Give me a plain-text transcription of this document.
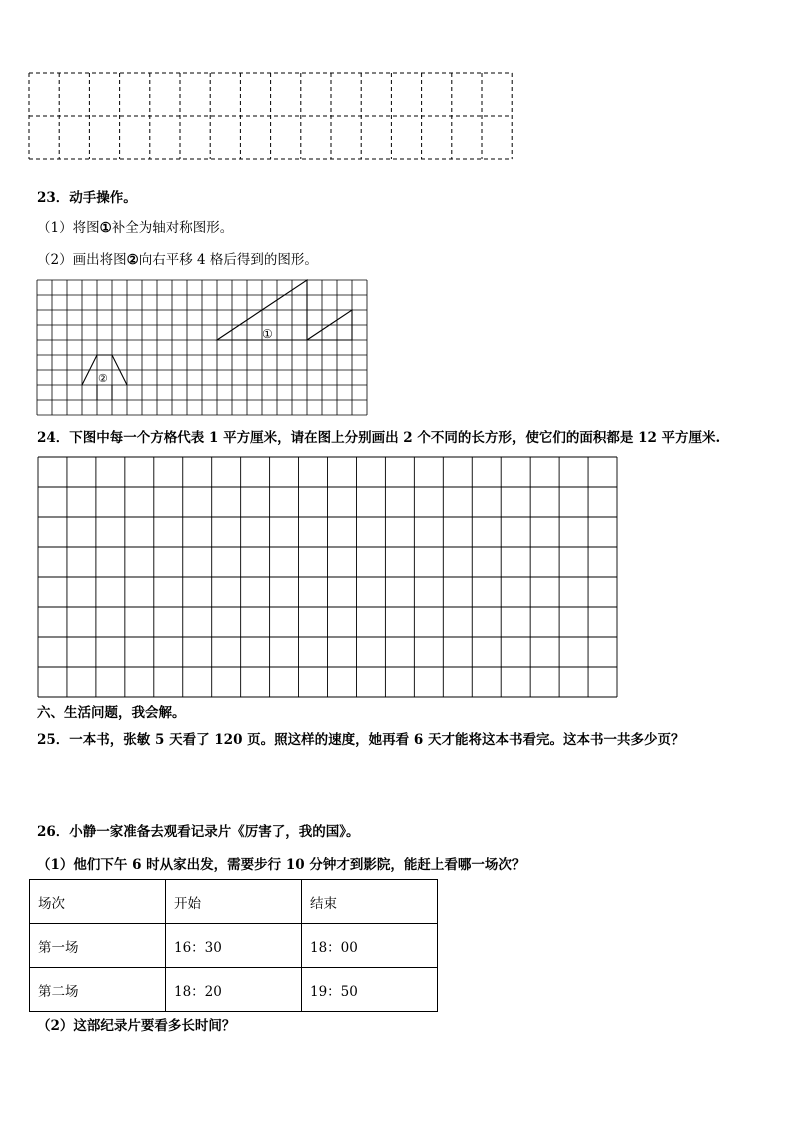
23．动手操作。
（1）将图①补全为轴对称图形。
（2）画出将图②向右平移 4 格后得到的图形。
①
②
24．下图中每一个方格代表 1 平方厘米，请在图上分别画出 2 个不同的长方形，使它们的面积都是 12 平方厘米.
六、生活问题，我会解。
25．一本书，张敏 5 天看了 120 页。照这样的速度，她再看 6 天才能将这本书看完。这本书一共多少页？
26．小静一家准备去观看记录片《厉害了，我的国》。
（1）他们下午 6 时从家出发，需要步行 10 分钟才到影院，能赶上看哪一场次？
场次	开始	结束
第一场	16：30	18：00
第二场	18：20	19：50
（2）这部纪录片要看多长时间？
